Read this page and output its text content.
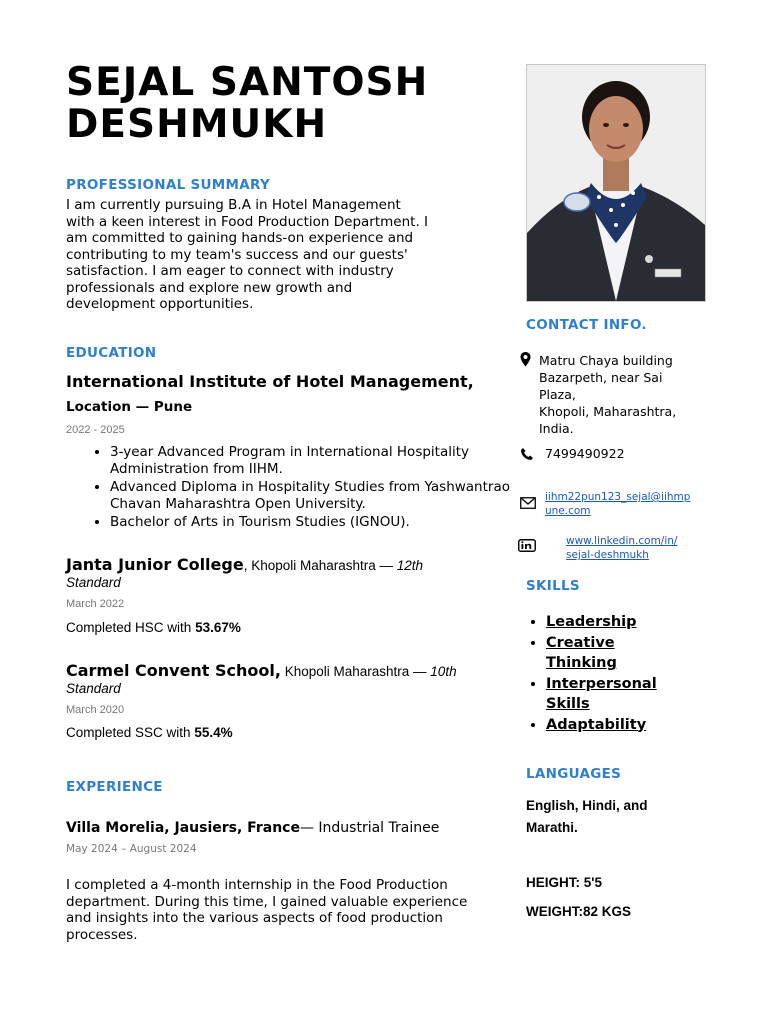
SEJAL SANTOSH
DESHMUKH
PROFESSIONAL SUMMARY
I am currently pursuing B.A in Hotel Management
with a keen interest in Food Production Department. I
am committed to gaining hands-on experience and
contributing to my team's success and our guests'
satisfaction. I am eager to connect with industry
professionals and explore new growth and
development opportunities.
EDUCATION
International Institute of Hotel Management,
Location — Pune
2022 - 2025
• 3-year Advanced Program in International Hospitality Administration from IIHM.
• Advanced Diploma in Hospitality Studies from Yashwantrao Chavan Maharashtra Open University.
• Bachelor of Arts in Tourism Studies (IGNOU).
Janta Junior College, Khopoli Maharashtra — 12th
Standard
March 2022
Completed HSC with 53.67%
Carmel Convent School, Khopoli Maharashtra — 10th
Standard
March 2020
Completed SSC with 55.4%
EXPERIENCE
Villa Morelia, Jausiers, France— Industrial Trainee
May 2024 – August 2024
I completed a 4-month internship in the Food Production
department. During this time, I gained valuable experience
and insights into the various aspects of food production
processes.
CONTACT INFO.
Matru Chaya building
Bazarpeth, near Sai
Plaza,
Khopoli, Maharashtra,
India.
7499490922
iihm22pun123_sejal@iihmp
une.com
www.linkedin.com/in/
sejal-deshmukh
SKILLS
• Leadership
• Creative
Thinking
• Interpersonal
Skills
• Adaptability
LANGUAGES
English, Hindi, and
Marathi.
HEIGHT: 5'5
WEIGHT:82 KGS
